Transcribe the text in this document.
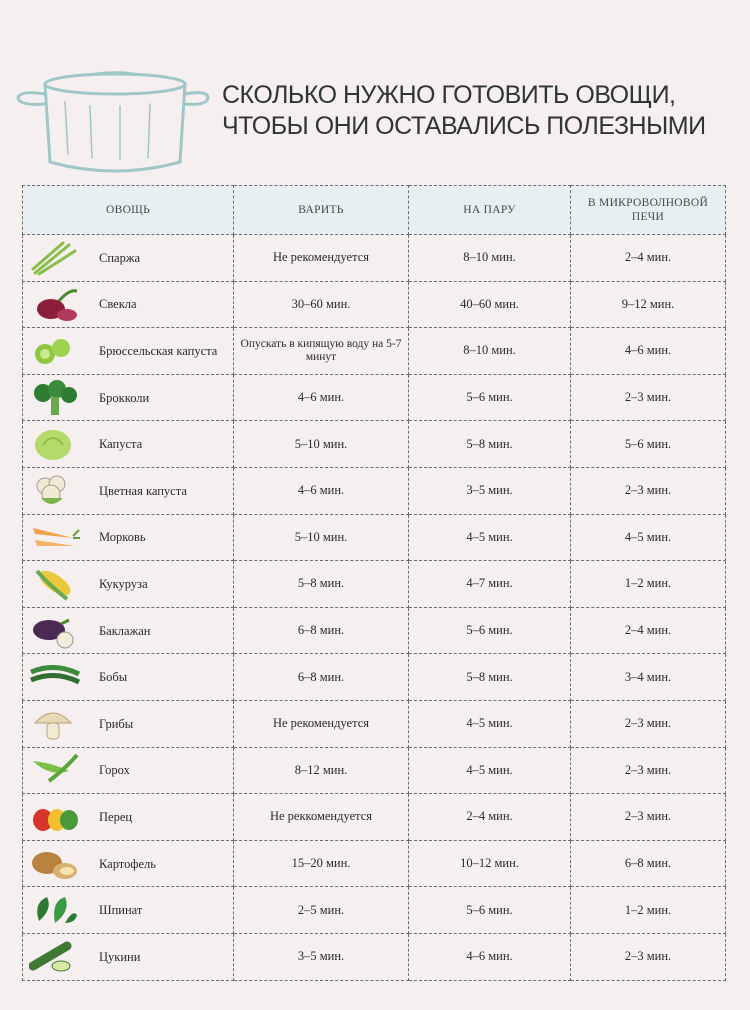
СКОЛЬКО НУЖНО ГОТОВИТЬ ОВОЩИ,
ЧТОБЫ ОНИ ОСТАВАЛИСЬ ПОЛЕЗНЫМИ
ОВОЩЬ	ВАРИТЬ	НА ПАРУ	В МИКРОВОЛНОВОЙ ПЕЧИ

Спаржа	Не рекомендуется	8–10 мин.	2–4 мин.

Свекла	30–60 мин.	40–60 мин.	9–12 мин.

Брюссельская капуста	Опускать в кипящую воду на 5-7 минут	8–10 мин.	4–6 мин.

Брокколи	4–6 мин.	5–6 мин.	2–3 мин.

Капуста	5–10 мин.	5–8 мин.	5–6 мин.

Цветная капуста	4–6 мин.	3–5 мин.	2–3 мин.

Морковь	5–10 мин.	4–5 мин.	4–5 мин.

Кукуруза	5–8 мин.	4–7 мин.	1–2 мин.

Баклажан	6–8 мин.	5–6 мин.	2–4 мин.

Бобы	6–8 мин.	5–8 мин.	3–4 мин.

Грибы	Не рекомендуется	4–5 мин.	2–3 мин.

Горох	8–12 мин.	4–5 мин.	2–3 мин.

Перец	Не реккомендуется	2–4 мин.	2–3 мин.

Картофель	15–20 мин.	10–12 мин.	6–8 мин.

Шпинат	2–5 мин.	5–6 мин.	1–2 мин.

Цукини	3–5 мин.	4–6 мин.	2–3 мин.
